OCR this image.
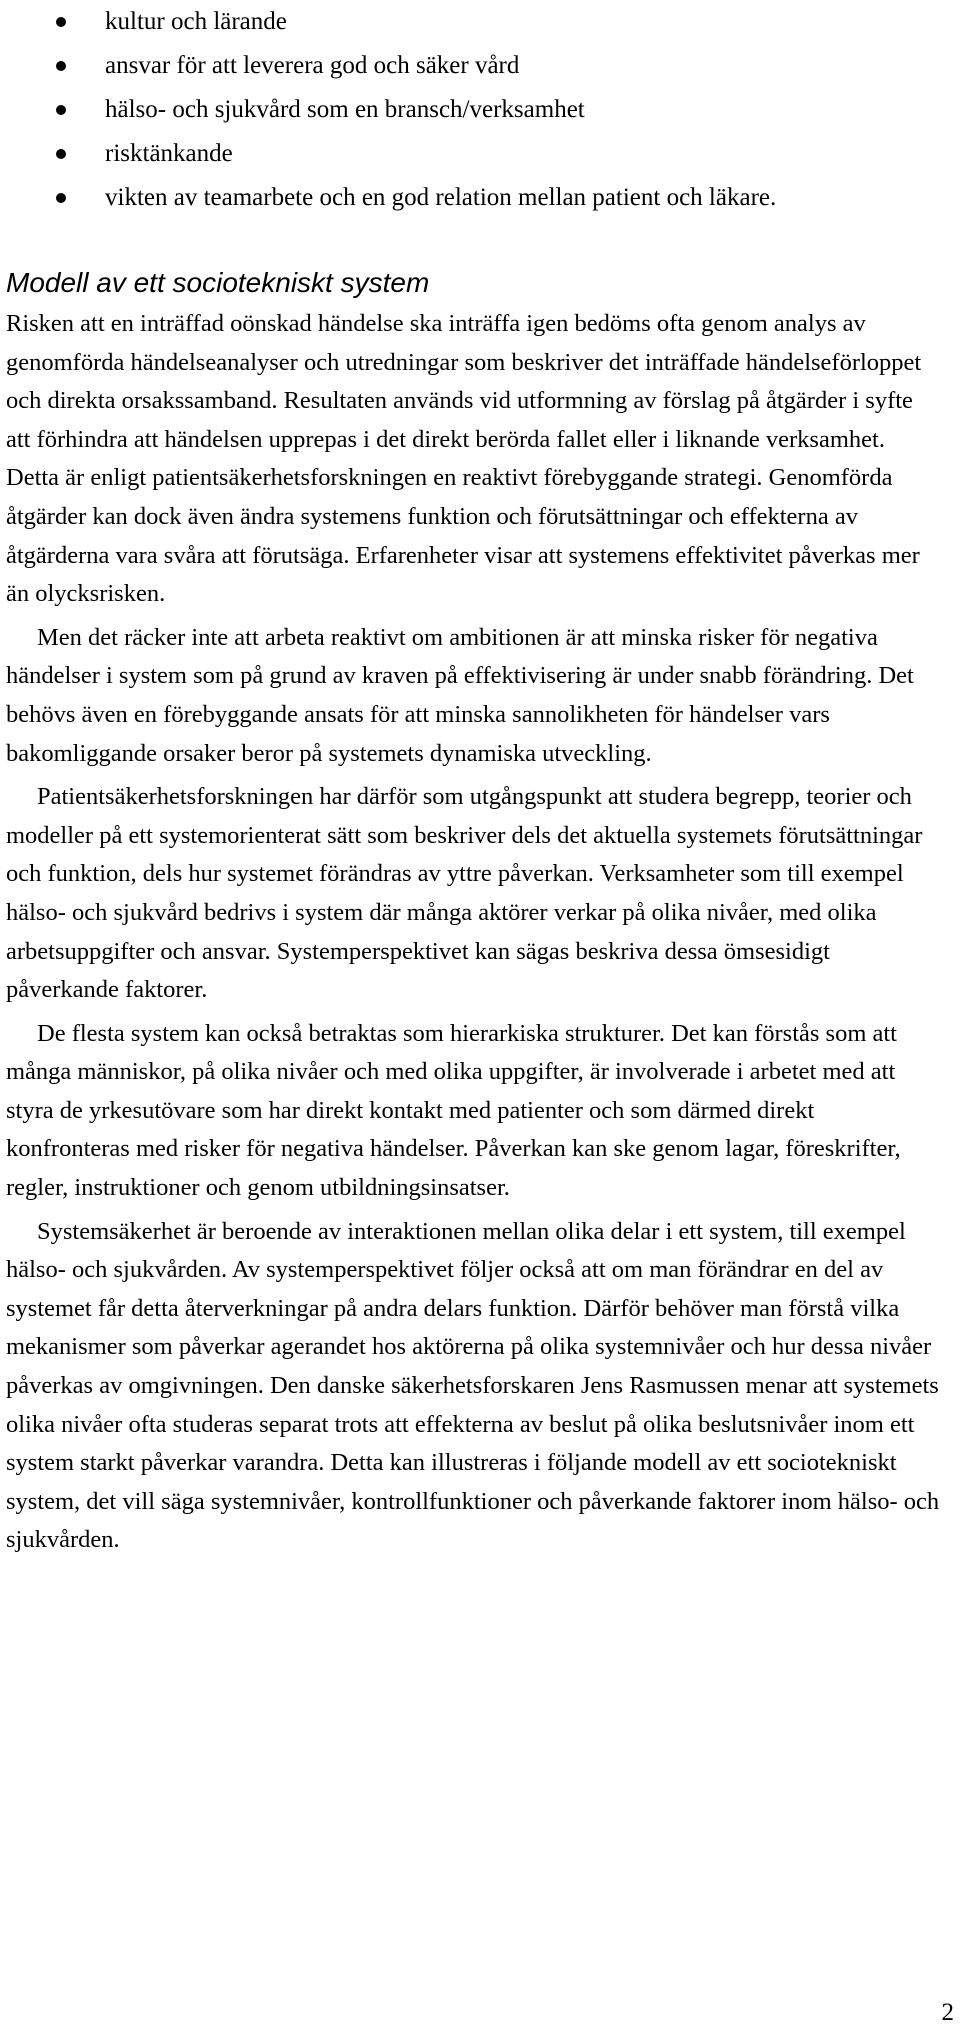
kultur och lärande
ansvar för att leverera god och säker vård
hälso- och sjukvård som en bransch/verksamhet
risktänkande
vikten av teamarbete och en god relation mellan patient och läkare.
Modell av ett sociotekniskt system

Risken att en inträffad oönskad händelse ska inträffa igen bedöms ofta genom analys av genomförda händelseanalyser och utredningar som beskriver det inträffade händelseförloppet och direkta orsakssamband. Resultaten används vid utformning av förslag på åtgärder i syfte att förhindra att händelsen upprepas i det direkt berörda fallet eller i liknande verksamhet. Detta är enligt patientsäkerhetsforskningen en reaktivt förebyggande strategi. Genomförda åtgärder kan dock även ändra systemens funktion och förutsättningar och effekterna av åtgärderna vara svåra att förutsäga. Erfarenheter visar att systemens effektivitet påverkas mer än olycksrisken.

Men det räcker inte att arbeta reaktivt om ambitionen är att minska risker för negativa händelser i system som på grund av kraven på effektivisering är under snabb förändring. Det behövs även en förebyggande ansats för att minska sannolikheten för händelser vars bakomliggande orsaker beror på systemets dynamiska utveckling.

Patientsäkerhetsforskningen har därför som utgångspunkt att studera begrepp, teorier och modeller på ett systemorienterat sätt som beskriver dels det aktuella systemets förutsättningar och funktion, dels hur systemet förändras av yttre påverkan. Verksamheter som till exempel hälso- och sjukvård bedrivs i system där många aktörer verkar på olika nivåer, med olika arbetsuppgifter och ansvar. Systemperspektivet kan sägas beskriva dessa ömsesidigt påverkande faktorer.

De flesta system kan också betraktas som hierarkiska strukturer. Det kan förstås som att många människor, på olika nivåer och med olika uppgifter, är involverade i arbetet med att styra de yrkesutövare som har direkt kontakt med patienter och som därmed direkt konfronteras med risker för negativa händelser. Påverkan kan ske genom lagar, föreskrifter, regler, instruktioner och genom utbildningsinsatser.

Systemsäkerhet är beroende av interaktionen mellan olika delar i ett system, till exempel hälso- och sjukvården. Av systemperspektivet följer också att om man förändrar en del av systemet får detta återverkningar på andra delars funktion. Därför behöver man förstå vilka mekanismer som påverkar agerandet hos aktörerna på olika systemnivåer och hur dessa nivåer påverkas av omgivningen. Den danske säkerhetsforskaren Jens Rasmussen menar att systemets olika nivåer ofta studeras separat trots att effekterna av beslut på olika beslutsnivåer inom ett system starkt påverkar varandra. Detta kan illustreras i följande modell av ett sociotekniskt system, det vill säga systemnivåer, kontrollfunktioner och påverkande faktorer inom hälso- och sjukvården.

2
